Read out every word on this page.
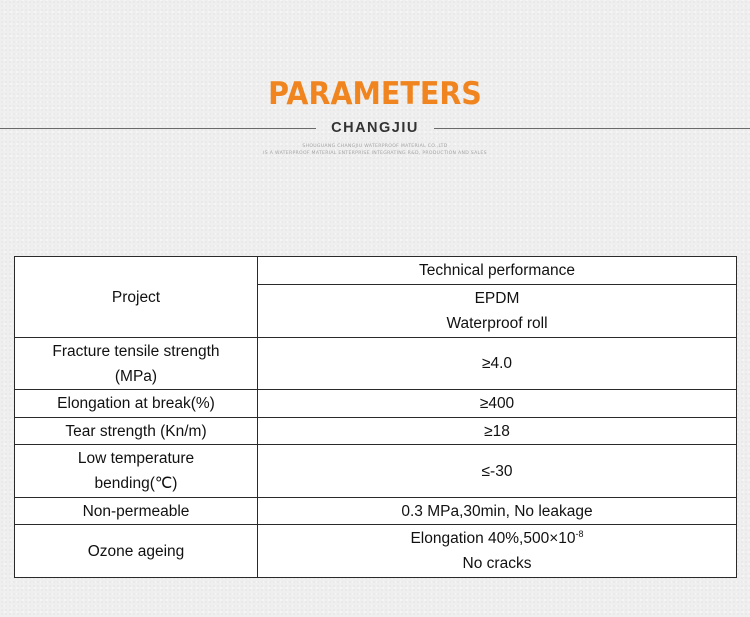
PARAMETERS
CHANGJIU
SHOUGUANG CHANGJIU WATERPROOF MATERIAL CO.,LTD
IS A WATERPROOF MATERIAL ENTERPRISE INTEGRATING R&D, PRODUCTION AND SALES
Project	Technical performance

	EPDM
Waterproof roll

Fracture tensile strength
(MPa)	≥4.0
Elongation at break(%)	≥400
Tear strength (Kn/m)	≥18

Low temperature
bending(℃)	≤-30
Non-permeable	0.3 MPa,30min, No leakage
Ozone ageing	Elongation $40\%,500\times 10^{-8}$
No cracks
